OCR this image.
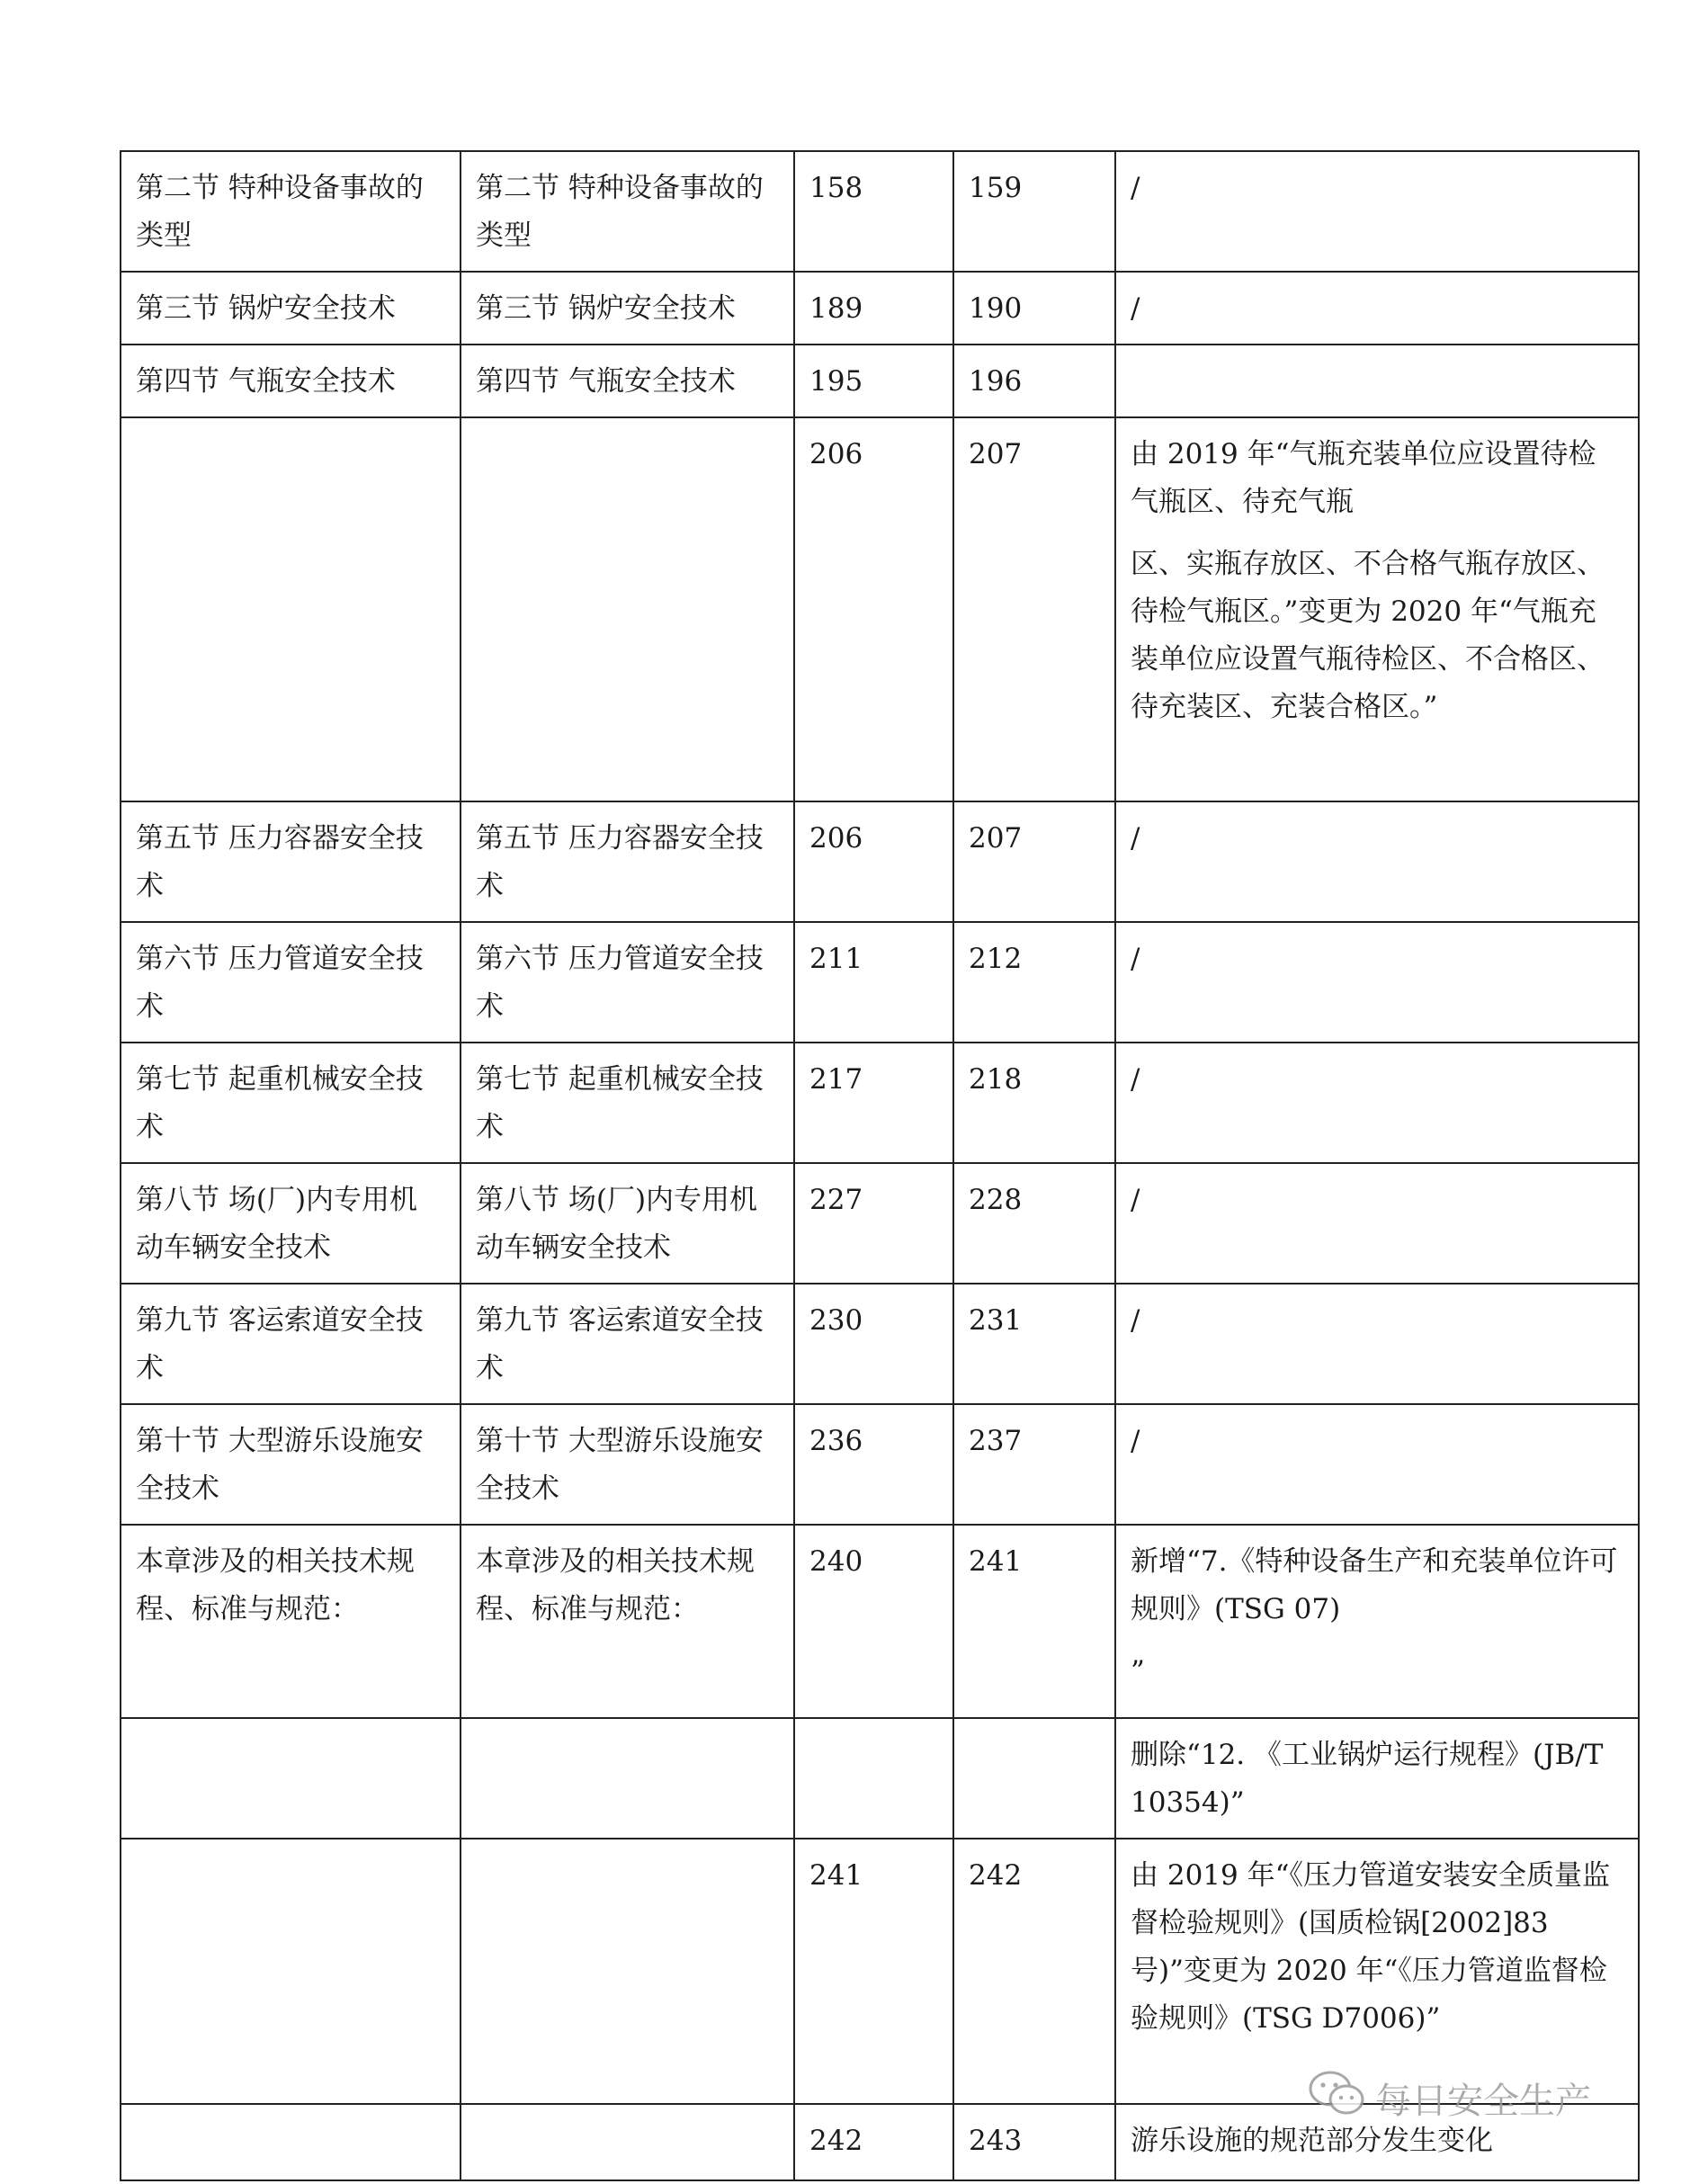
第二节 特种设备事故的类型	第二节 特种设备事故的类型	158	159	/

第三节 锅炉安全技术	第三节 锅炉安全技术	189	190	/

第四节 气瓶安全技术	第四节 气瓶安全技术	195	196	

		206	207	由 2019 年“气瓶充装单位应设置待检气瓶区、待充气瓶
区、实瓶存放区、不合格气瓶存放区、待检气瓶区。”变更为 2020 年“气瓶充装单位应设置气瓶待检区、不合格区、待充装区、充装合格区。”

第五节 压力容器安全技术	第五节 压力容器安全技术	206	207	/

第六节 压力管道安全技术	第六节 压力管道安全技术	211	212	/

第七节 起重机械安全技术	第七节 起重机械安全技术	217	218	/

第八节 场(厂)内专用机动车辆安全技术	第八节 场(厂)内专用机动车辆安全技术	227	228	/

第九节 客运索道安全技术	第九节 客运索道安全技术	230	231	/

第十节 大型游乐设施安全技术	第十节 大型游乐设施安全技术	236	237	/

本章涉及的相关技术规程、标准与规范：	本章涉及的相关技术规程、标准与规范：	240	241	新增“7.《特种设备生产和充装单位许可规则》(TSG 07)
”

				删除“12. 《工业锅炉运行规程》(JB/T 10354)”

		241	242	由 2019 年“《压力管道安装安全质量监督检验规则》(国质检锅[2002]83 号)”变更为 2020 年“《压力管道监督检验规则》(TSG D7006)”

		242	243	游乐设施的规范部分发生变化
每日安全生产
